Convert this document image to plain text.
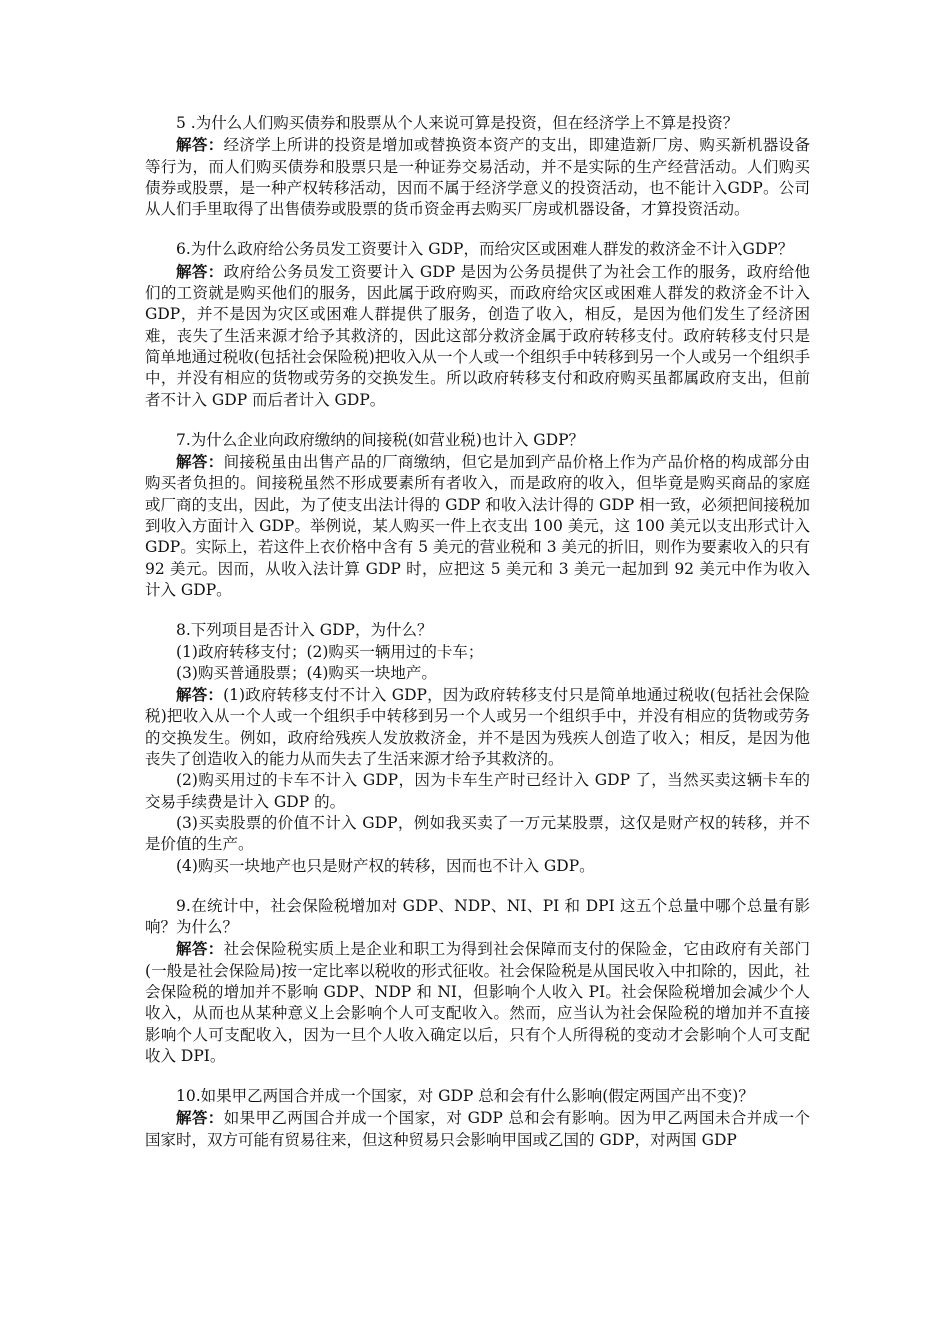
5 .为什么人们购买债券和股票从个人来说可算是投资，但在经济学上不算是投资？

解答：经济学上所讲的投资是增加或替换资本资产的支出，即建造新厂房、购买新机器设备等行为，而人们购买债券和股票只是一种证券交易活动，并不是实际的生产经营活动。人们购买债券或股票，是一种产权转移活动，因而不属于经济学意义的投资活动，也不能计入GDP。公司从人们手里取得了出售债券或股票的货币资金再去购买厂房或机器设备，才算投资活动。

6.为什么政府给公务员发工资要计入 GDP，而给灾区或困难人群发的救济金不计入GDP？

解答：政府给公务员发工资要计入 GDP 是因为公务员提供了为社会工作的服务，政府给他们的工资就是购买他们的服务，因此属于政府购买，而政府给灾区或困难人群发的救济金不计入 GDP，并不是因为灾区或困难人群提供了服务，创造了收入，相反，是因为他们发生了经济困难，丧失了生活来源才给予其救济的，因此这部分救济金属于政府转移支付。政府转移支付只是简单地通过税收(包括社会保险税)把收入从一个人或一个组织手中转移到另一个人或另一个组织手中，并没有相应的货物或劳务的交换发生。所以政府转移支付和政府购买虽都属政府支出，但前者不计入 GDP 而后者计入 GDP。

7.为什么企业向政府缴纳的间接税(如营业税)也计入 GDP？

解答：间接税虽由出售产品的厂商缴纳，但它是加到产品价格上作为产品价格的构成部分由购买者负担的。间接税虽然不形成要素所有者收入，而是政府的收入，但毕竟是购买商品的家庭或厂商的支出，因此，为了使支出法计得的 GDP 和收入法计得的 GDP 相一致，必须把间接税加到收入方面计入 GDP。举例说，某人购买一件上衣支出 100 美元，这 100 美元以支出形式计入 GDP。实际上，若这件上衣价格中含有 5 美元的营业税和 3 美元的折旧，则作为要素收入的只有 92 美元。因而，从收入法计算 GDP 时，应把这 5 美元和 3 美元一起加到 92 美元中作为收入计入 GDP。

8.下列项目是否计入 GDP，为什么？

(1)政府转移支付；(2)购买一辆用过的卡车；

(3)购买普通股票；(4)购买一块地产。

解答：(1)政府转移支付不计入 GDP，因为政府转移支付只是简单地通过税收(包括社会保险税)把收入从一个人或一个组织手中转移到另一个人或另一个组织手中，并没有相应的货物或劳务的交换发生。例如，政府给残疾人发放救济金，并不是因为残疾人创造了收入；相反，是因为他丧失了创造收入的能力从而失去了生活来源才给予其救济的。

(2)购买用过的卡车不计入 GDP，因为卡车生产时已经计入 GDP 了，当然买卖这辆卡车的交易手续费是计入 GDP 的。

(3)买卖股票的价值不计入 GDP，例如我买卖了一万元某股票，这仅是财产权的转移，并不是价值的生产。

(4)购买一块地产也只是财产权的转移，因而也不计入 GDP。

9.在统计中，社会保险税增加对 GDP、NDP、NI、PI 和 DPI 这五个总量中哪个总量有影响？为什么？

解答：社会保险税实质上是企业和职工为得到社会保障而支付的保险金，它由政府有关部门(一般是社会保险局)按一定比率以税收的形式征收。社会保险税是从国民收入中扣除的，因此，社会保险税的增加并不影响 GDP、NDP 和 NI，但影响个人收入 PI。社会保险税增加会减少个人收入，从而也从某种意义上会影响个人可支配收入。然而，应当认为社会保险税的增加并不直接影响个人可支配收入，因为一旦个人收入确定以后，只有个人所得税的变动才会影响个人可支配收入 DPI。

10.如果甲乙两国合并成一个国家，对 GDP 总和会有什么影响(假定两国产出不变)？

解答：如果甲乙两国合并成一个国家，对 GDP 总和会有影响。因为甲乙两国未合并成一个国家时，双方可能有贸易往来，但这种贸易只会影响甲国或乙国的 GDP，对两国 GDP
